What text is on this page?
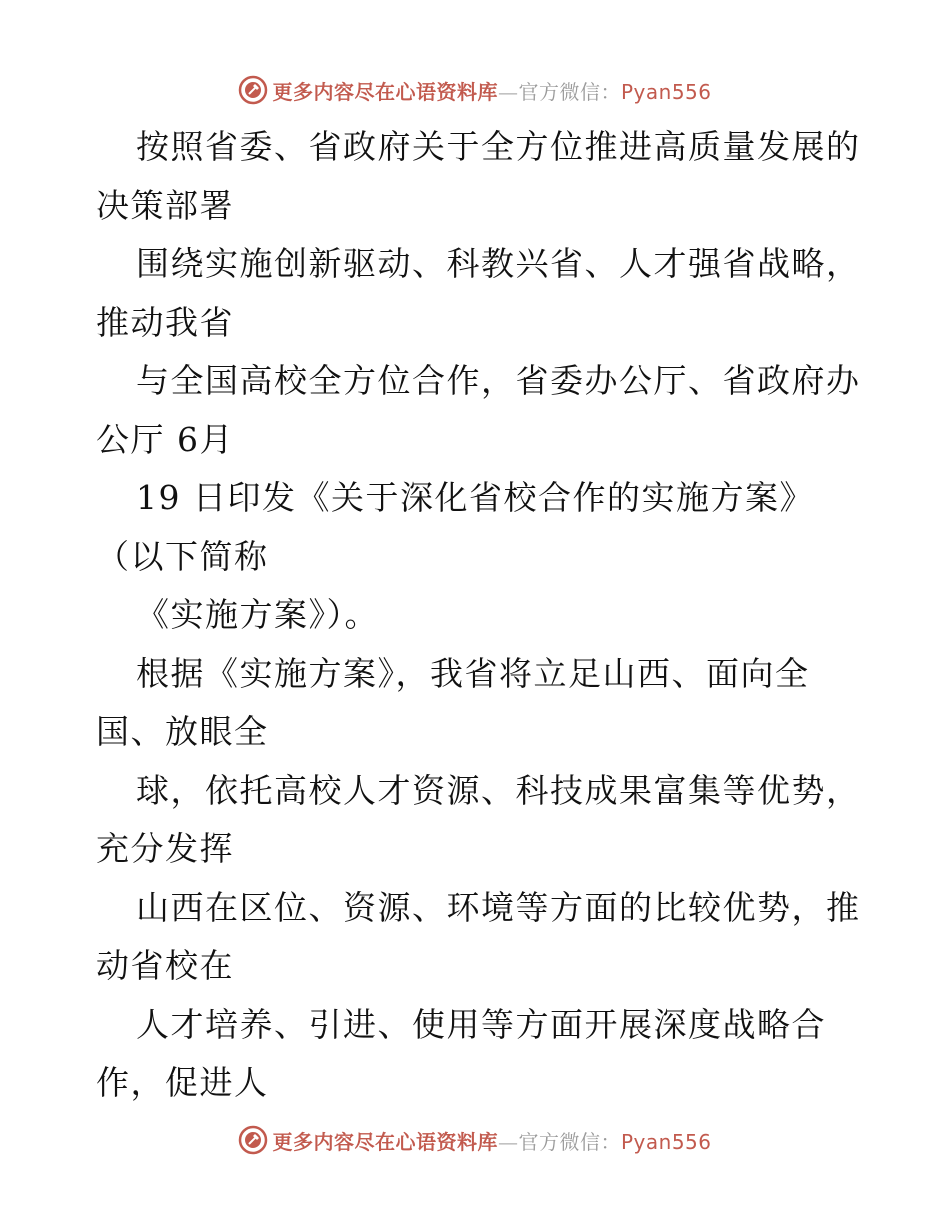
更多内容尽在心语资料库—官方微信：Pyan556
按照省委、省政府关于全方位推进高质量发展的
决策部署
围绕实施创新驱动、科教兴省、人才强省战略，
推动我省
与全国高校全方位合作，省委办公厅、省政府办
公厅 6月
19 日印发《关于深化省校合作的实施方案》
（以下简称
《实施方案》）。
根据《实施方案》，我省将立足山西、面向全
国、放眼全
球，依托高校人才资源、科技成果富集等优势，
充分发挥
山西在区位、资源、环境等方面的比较优势，推
动省校在
人才培养、引进、使用等方面开展深度战略合
作，促进人
更多内容尽在心语资料库—官方微信：Pyan556
